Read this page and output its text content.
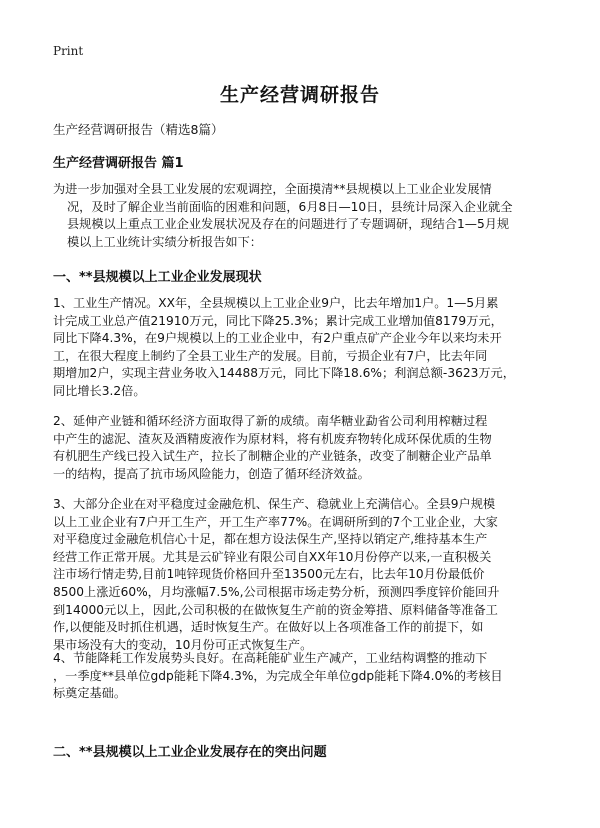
Print
生产经营调研报告
生产经营调研报告（精选8篇）
生产经营调研报告 篇1
为进一步加强对全县工业发展的宏观调控，全面摸清**县规模以上工业企业发展情
况，及时了解企业当前面临的困难和问题，6月8日—10日，县统计局深入企业就全
县规模以上重点工业企业发展状况及存在的问题进行了专题调研，现结合1—5月规
模以上工业统计实绩分析报告如下：
一、**县规模以上工业企业发展现状
1、工业生产情况。XX年，全县规模以上工业企业9户，比去年增加1户。1—5月累
计完成工业总产值21910万元，同比下降25.3%；累计完成工业增加值8179万元，
同比下降4.3%，在9户规模以上的工业企业中，有2户重点矿产企业今年以来均未开
工，在很大程度上制约了全县工业生产的发展。目前，亏损企业有7户，比去年同
期增加2户，实现主营业务收入14488万元，同比下降18.6%；利润总额-3623万元，
同比增长3.2倍。
2、延伸产业链和循环经济方面取得了新的成绩。南华糖业勐省公司利用榨糖过程
中产生的滤泥、渣灰及酒精废液作为原材料，将有机废弃物转化成环保优质的生物
有机肥生产线已投入试生产，拉长了制糖企业的产业链条，改变了制糖企业产品单
一的结构，提高了抗市场风险能力，创造了循环经济效益。
3、大部分企业在对平稳度过金融危机、保生产、稳就业上充满信心。全县9户规模
以上工业企业有7户开工生产，开工生产率77%。在调研所到的7个工业企业，大家
对平稳度过金融危机信心十足，都在想方设法保生产,坚持以销定产,维持基本生产
经营工作正常开展。尤其是云矿锌业有限公司自XX年10月份停产以来,一直积极关
注市场行情走势,目前1吨锌现货价格回升至13500元左右，比去年10月份最低价
8500上涨近60%，月均涨幅7.5%,公司根据市场走势分析，预测四季度锌价能回升
到14000元以上，因此,公司积极的在做恢复生产前的资金筹措、原料储备等准备工
作,以便能及时抓住机遇，适时恢复生产。在做好以上各项准备工作的前提下，如
果市场没有大的变动，10月份可正式恢复生产。
4、节能降耗工作发展势头良好。在高耗能矿业生产减产，工业结构调整的推动下
，一季度**县单位gdp能耗下降4.3%，为完成全年单位gdp能耗下降4.0%的考核目
标奠定基础。
二、**县规模以上工业企业发展存在的突出问题
